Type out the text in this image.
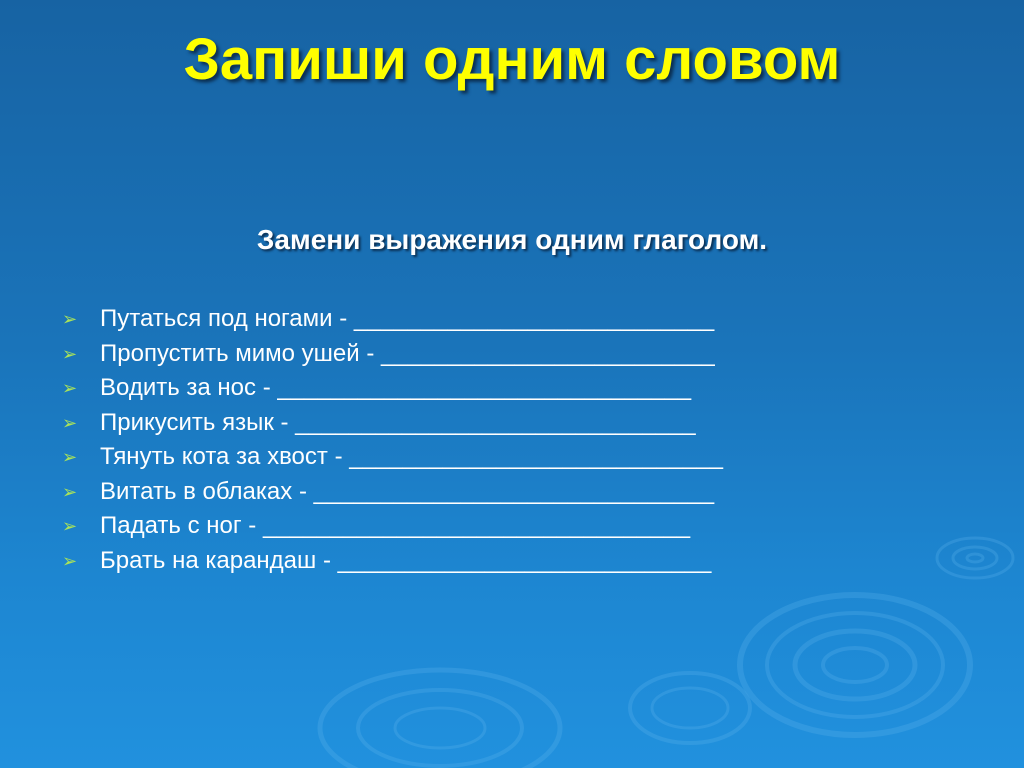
Запиши одним словом
Замени выражения одним глаголом.
➢ Путаться под ногами - ___________________________
➢ Пропустить мимо ушей - _________________________
➢ Водить за нос - _______________________________
➢ Прикусить язык - ______________________________
➢ Тянуть кота за хвост - ____________________________
➢ Витать в облаках - ______________________________
➢ Падать с ног - ________________________________
➢ Брать на карандаш - ____________________________
